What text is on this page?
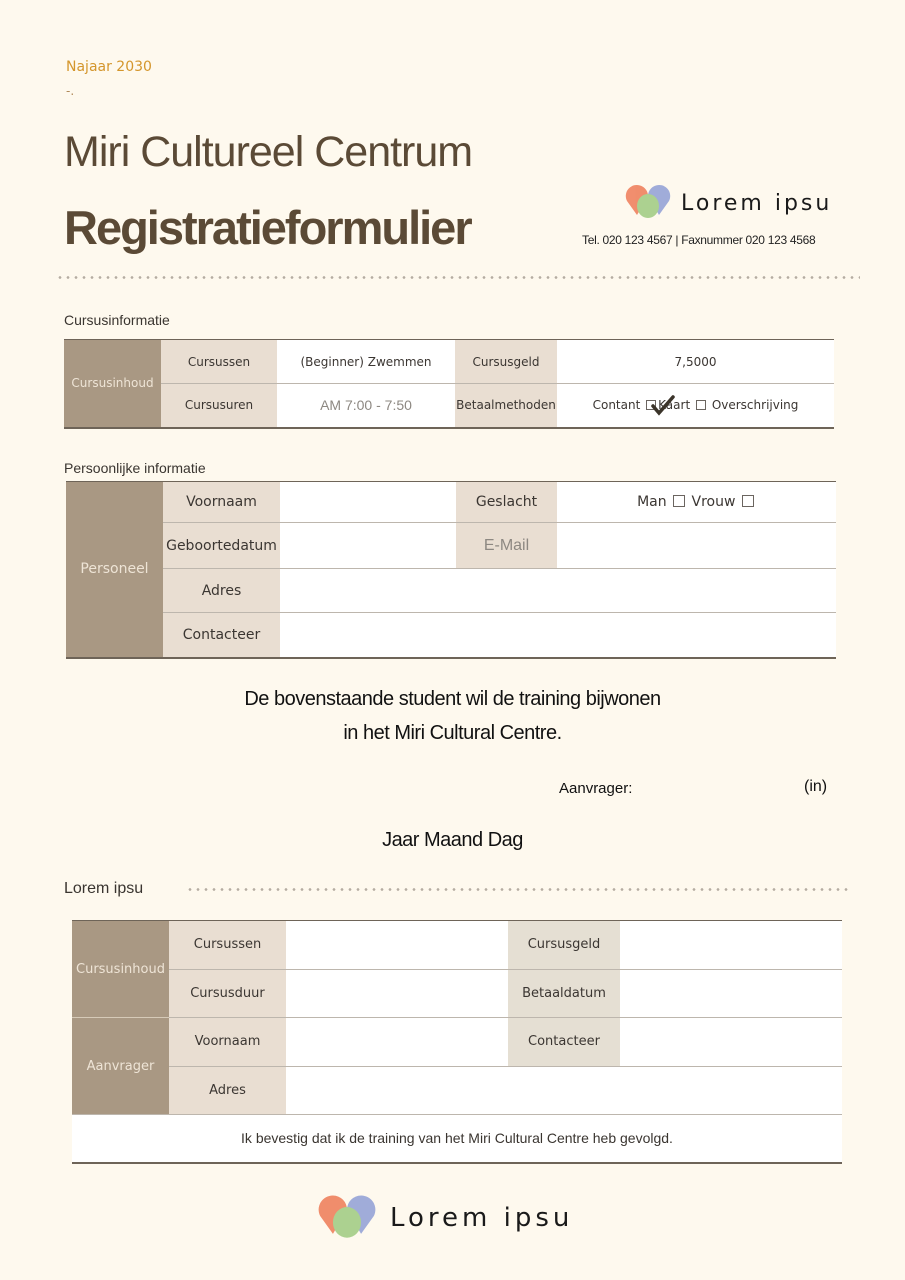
Najaar 2030
-.
Miri Cultureel Centrum
Registratieformulier	Lorem ipsu
Tel. 020 123 4567 | Faxnummer 020 123 4568
Cursusinformatie
Cursusinhoud	Cursussen	(Beginner) Zwemmen	Cursusgeld	7,5000
	Cursusuren	AM 7:00 - 7:50	Betaalmethoden	Contant Kaart Overschrijving
Persoonlijke informatie
Personeel	Voornaam		Geslacht	Man Vrouw
	Geboortedatum		E-Mail	
	Adres			
	Contacteer			
De bovenstaande student wil de training bijwonen
in het Miri Cultural Centre.
Aanvrager:	(in)
Jaar Maand Dag
Lorem ipsu
Cursusinhoud	Cursussen		Cursusgeld	
	Cursusduur		Betaaldatum	
Aanvrager	Voornaam		Contacteer	
	Adres			
Ik bevestig dat ik de training van het Miri Cultural Centre heb gevolgd.				
Lorem ipsu
